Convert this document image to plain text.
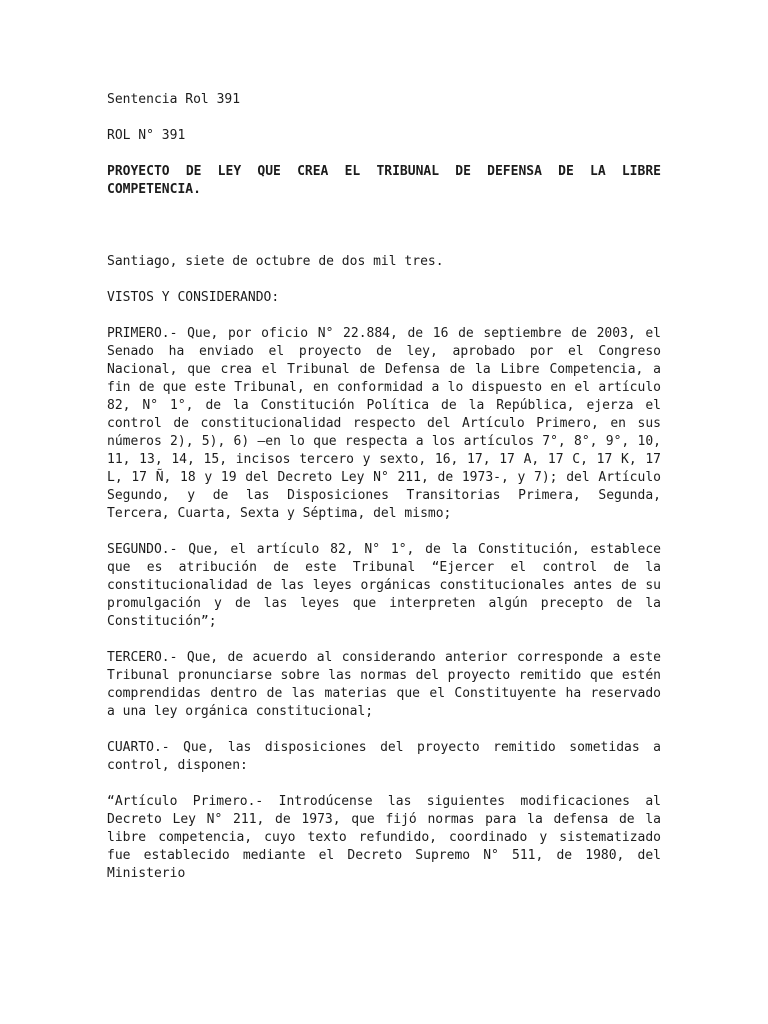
Sentencia Rol 391

ROL N° 391

PROYECTO DE LEY QUE CREA EL TRIBUNAL DE DEFENSA DE LA LIBRE COMPETENCIA.

Santiago, siete de octubre de dos mil tres.

VISTOS Y CONSIDERANDO:

PRIMERO.- Que, por oficio N° 22.884, de 16 de septiembre de 2003, el Senado ha enviado el proyecto de ley, aprobado por el Congreso Nacional, que crea el Tribunal de Defensa de la Libre Competencia, a fin de que este Tribunal, en conformidad a lo dispuesto en el artículo 82, N° 1°, de la Constitución Política de la República, ejerza el control de constitucionalidad respecto del Artículo Primero, en sus números 2), 5), 6) –en lo que respecta a los artículos 7°, 8°, 9°, 10, 11, 13, 14, 15, incisos tercero y sexto, 16, 17, 17 A, 17 C, 17 K, 17 L, 17 Ñ, 18 y 19 del Decreto Ley N° 211, de 1973-, y 7); del Artículo Segundo, y de las Disposiciones Transitorias Primera, Segunda, Tercera, Cuarta, Sexta y Séptima, del mismo;

SEGUNDO.- Que, el artículo 82, N° 1°, de la Constitución, establece que es atribución de este Tribunal “Ejercer el control de la constitucionalidad de las leyes orgánicas constitucionales antes de su promulgación y de las leyes que interpreten algún precepto de la Constitución”;

TERCERO.- Que, de acuerdo al considerando anterior corresponde a este Tribunal pronunciarse sobre las normas del proyecto remitido que estén comprendidas dentro de las materias que el Constituyente ha reservado a una ley orgánica constitucional;

CUARTO.- Que, las disposiciones del proyecto remitido sometidas a control, disponen:

“Artículo Primero.- Introdúcense las siguientes modificaciones al Decreto Ley N° 211, de 1973, que fijó normas para la defensa de la libre competencia, cuyo texto refundido, coordinado y sistematizado fue establecido mediante el Decreto Supremo N° 511, de 1980, del Ministerio
